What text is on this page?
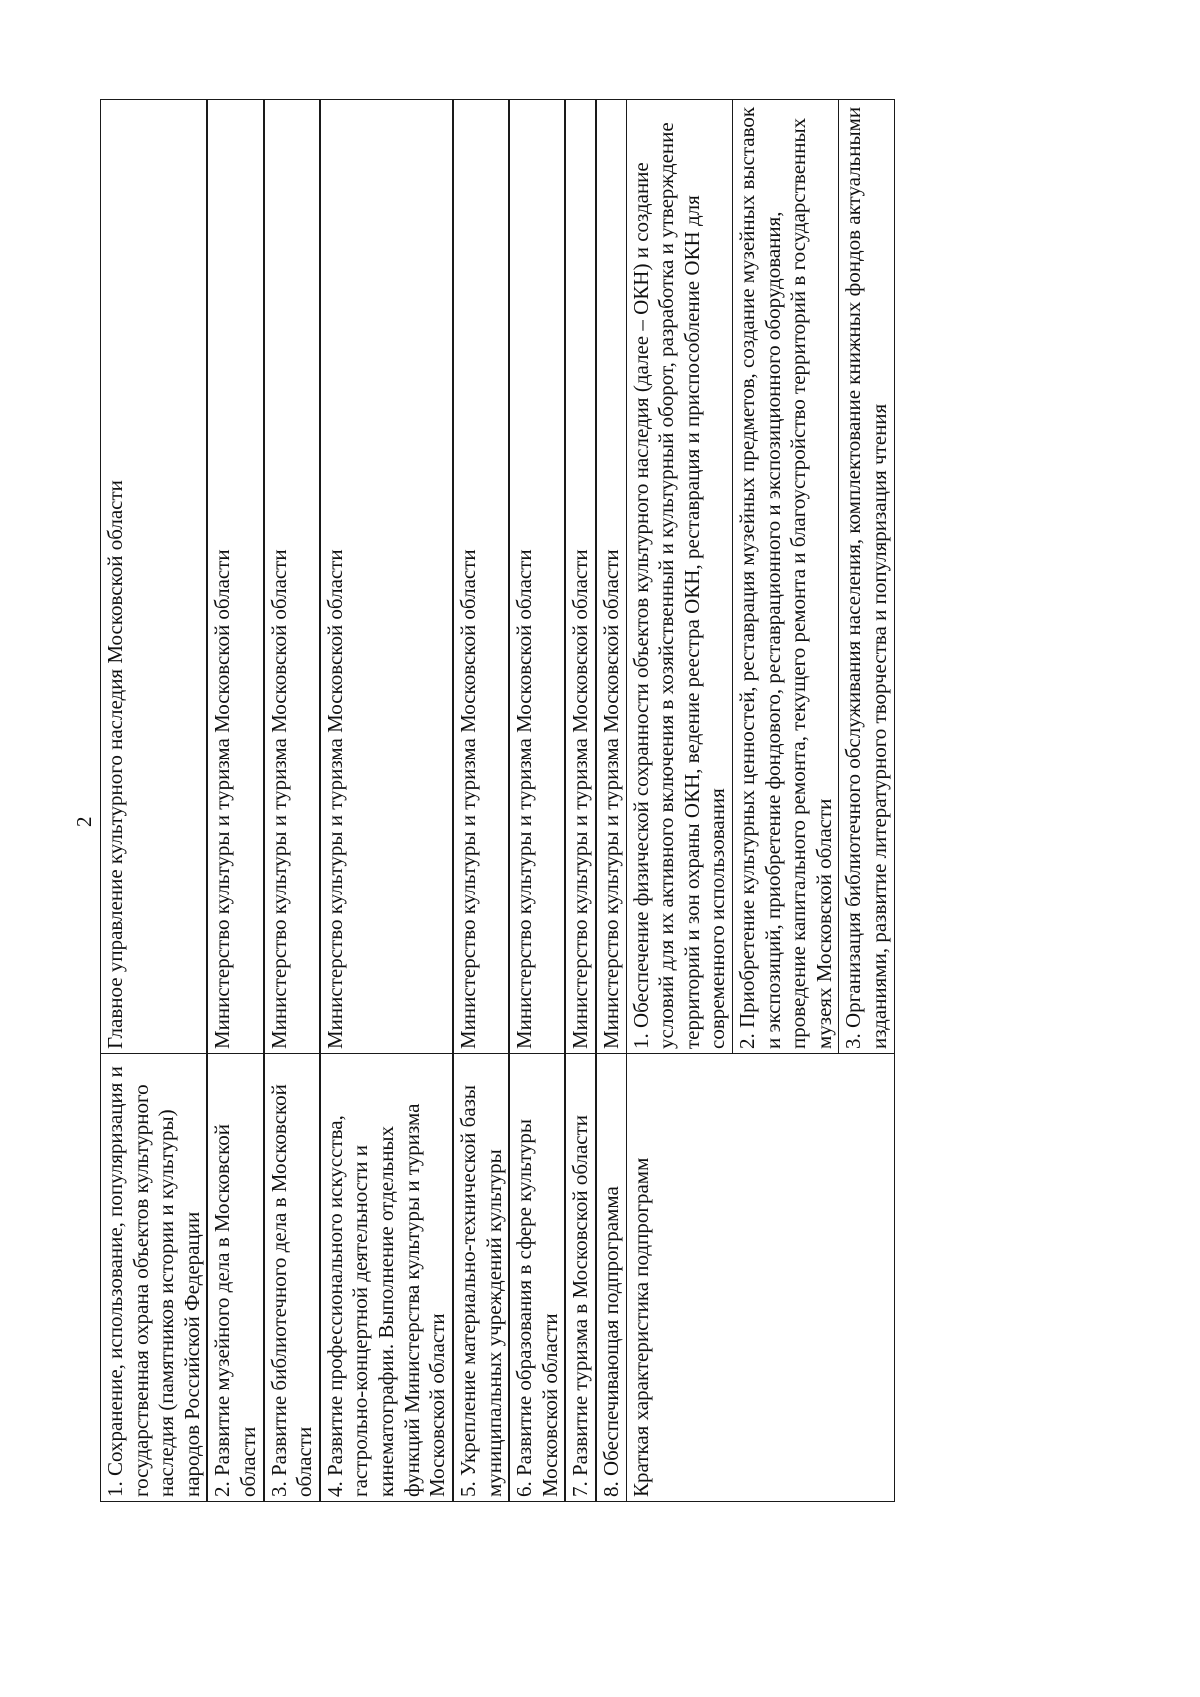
2
1. Сохранение, использование, популяризация и государственная охрана объектов культурного наследия (памятников истории и культуры) народов Российской Федерации	Главное управление культурного наследия Московской области
2. Развитие музейного дела в Московской области	Министерство культуры и туризма Московской области
3. Развитие библиотечного дела в Московской области	Министерство культуры и туризма Московской области
4. Развитие профессионального искусства, гастрольно-концертной деятельности и кинематографии. Выполнение отдельных функций Министерства культуры и туризма Московской области	Министерство культуры и туризма Московской области
5. Укрепление материально-технической базы муниципальных учреждений культуры	Министерство культуры и туризма Московской области
6. Развитие образования в сфере культуры Московской области	Министерство культуры и туризма Московской области
7. Развитие туризма в Московской области	Министерство культуры и туризма Московской области
8. Обеспечивающая подпрограмма	Министерство культуры и туризма Московской области
Краткая характеристика подпрограмм	1. Обеспечение физической сохранности объектов культурного наследия (далее – ОКН) и создание условий для их активного включения в хозяйственный и культурный оборот, разработка и утверждение территорий и зон охраны ОКН, ведение реестра ОКН, реставрация и приспособление ОКН для современного использования
	2. Приобретение культурных ценностей, реставрация музейных предметов, создание музейных выставок и экспозиций, приобретение фондового, реставрационного и экспозиционного оборудования, проведение капитального ремонта, текущего ремонта и благоустройство территорий в государственных музеях Московской области
	3. Организация библиотечного обслуживания населения, комплектование книжных фондов актуальными изданиями, развитие литературного творчества и популяризация чтения
